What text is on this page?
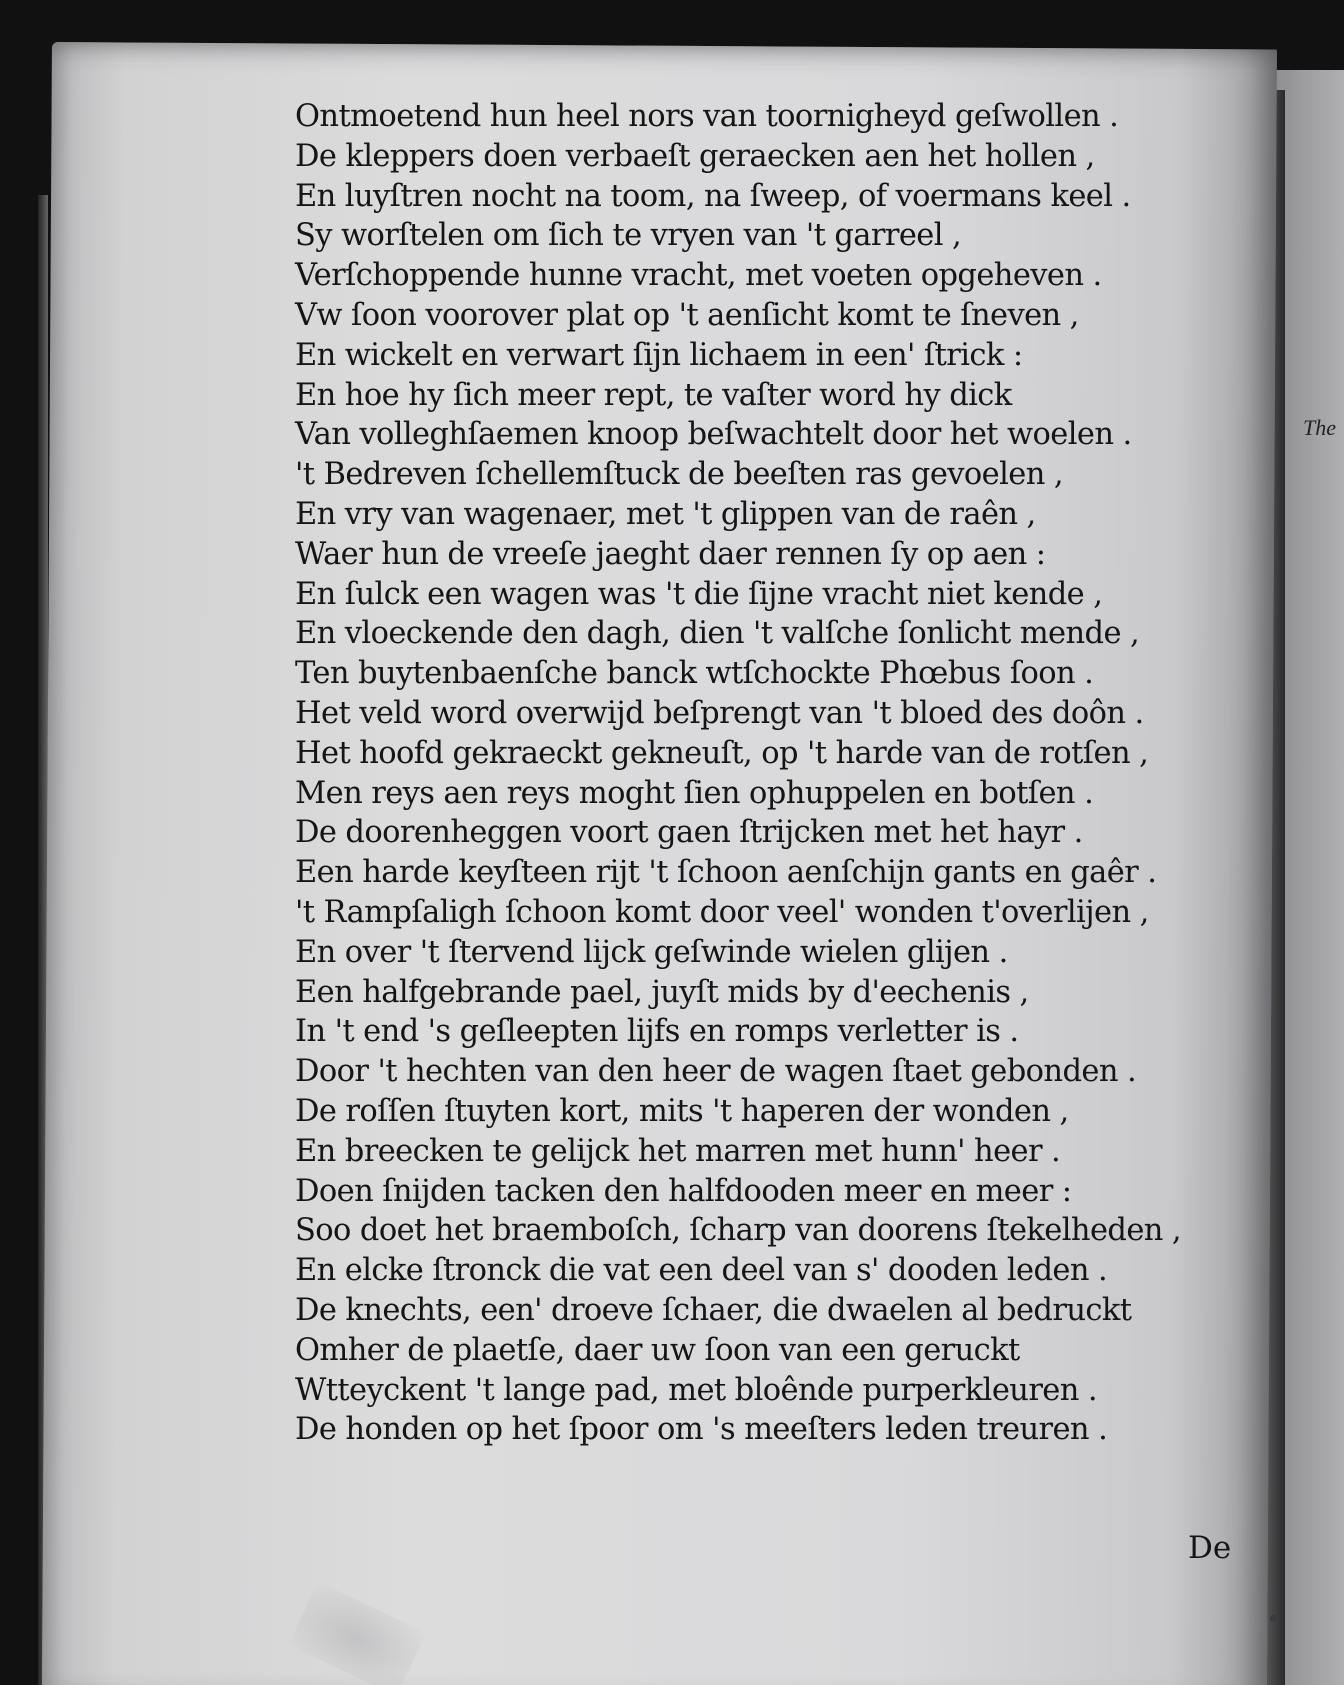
The
Ontmoetend hun heel nors van toornigheyd geſwollen .
De kleppers doen verbaeſt geraecken aen het hollen ,
En luyſtren nocht na toom, na ſweep, of voermans keel .
Sy worſtelen om ſich te vryen van 't garreel ,
Verſchoppende hunne vracht, met voeten opgeheven .
Vw ſoon voorover plat op 't aenſicht komt te ſneven ,
En wickelt en verwart ſijn lichaem in een' ſtrick :
En hoe hy ſich meer rept, te vaſter word hy dick
Van volleghſaemen knoop beſwachtelt door het woelen .
't Bedreven ſchellemſtuck de beeſten ras gevoelen ,
En vry van wagenaer, met 't glippen van de raên ,
Waer hun de vreeſe jaeght daer rennen ſy op aen :
En ſulck een wagen was 't die ſijne vracht niet kende ,
En vloeckende den dagh, dien 't valſche ſonlicht mende ,
Ten buytenbaenſche banck wtſchockte Phœbus ſoon .
Het veld word overwijd beſprengt van 't bloed des doôn .
Het hoofd gekraeckt gekneuſt, op 't harde van de rotſen ,
Men reys aen reys moght ſien ophuppelen en botſen .
De doorenheggen voort gaen ſtrijcken met het hayr .
Een harde keyſteen rijt 't ſchoon aenſchijn gants en gaêr .
't Rampſaligh ſchoon komt door veel' wonden t'overlijen ,
En over 't ſtervend lijck geſwinde wielen glijen .
Een halfgebrande pael, juyſt mids by d'eechenis ,
In 't end 's geſleepten lijfs en romps verletter is .
Door 't hechten van den heer de wagen ſtaet gebonden .
De roſſen ſtuyten kort, mits 't haperen der wonden ,
En breecken te gelijck het marren met hunn' heer .
Doen ſnijden tacken den halfdooden meer en meer :
Soo doet het braemboſch, ſcharp van doorens ſtekelheden ,
En elcke ſtronck die vat een deel van s' dooden leden .
De knechts, een' droeve ſchaer, die dwaelen al bedruckt
Omher de plaetſe, daer uw ſoon van een geruckt
Wtteyckent 't lange pad, met bloênde purperkleuren .
De honden op het ſpoor om 's meeſters leden treuren .
De
